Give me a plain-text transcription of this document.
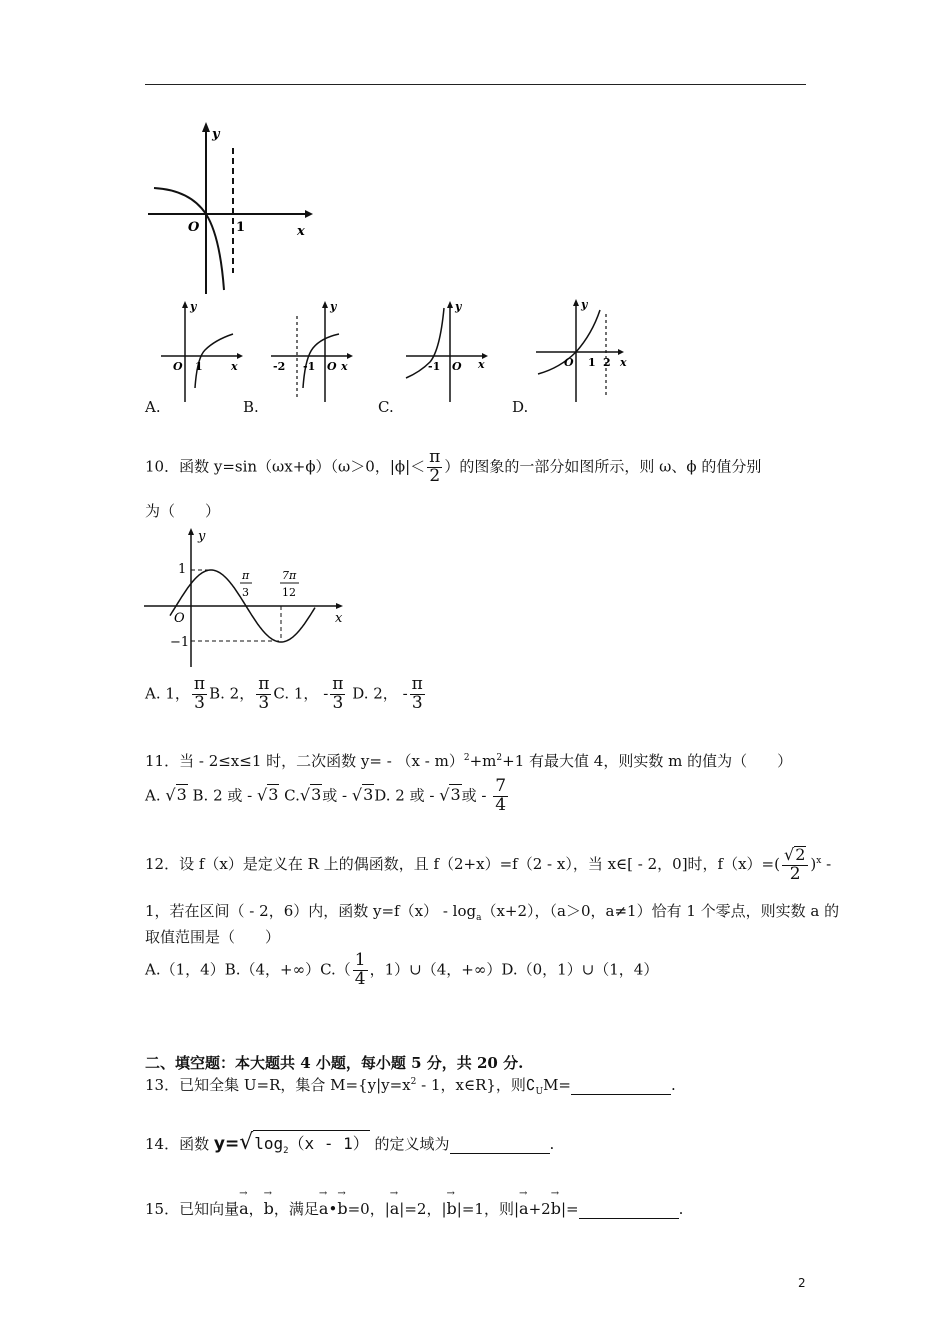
y
x
O	1
y
x
O 1
A.
y
x
-2 -1 O
B.
y
x
-1 O
C.
y
x
O 1 2
D.
10．函数 y=sin（ωx+ϕ）（ω＞0，$|\phi|< \frac{\pi}{2}$ ）的图象的一部分如图所示，则 ω、ϕ 的值分别
为（　　）
y
x
O
1
−1
π
3
7π
12
A. 1， $\frac{\pi}{3} B$. 2， $\frac{\pi}{3} C$. 1， - $\frac{\pi}{3} D$. 2， - $\frac{\pi}{3}$
11．当 - 2≤x≤1 时，二次函数 $y= - (x - m)^2+m^2+1$ 有最大值 4，则实数 m 的值为（　　）
A. √3 B. 2 或 - √3 C.√3或 - √3D. 2 或 - √3或 - $\frac{7}{4}$
12．设 f（x）是定义在 R 上的偶函数，且 f（2+x）=f（2 - x），当 x∈[ - 2，0]时，$f(x)=( \frac{√2}{2} )^x$ -
1，若在区间（ - 2，6）内，函数 $y=f(x) - \log_a(x+2)$，（a＞0，a≠1）恰有 1 个零点，则实数 a 的
取值范围是（　　）
A.（1，4）B.（4，$+\infty)C.( \frac{1}{4}$ ，1）∪（4，+∞）D.（0，1）∪（1，4）
二、填空题：本大题共 4 小题，每小题 5 分，共 20 分.
13．已知全集 U=R，集合 $M=\{y|y=x^2 - 1$，x∈R}，则$∁_UM=$	.
14．函数 $y=√\log_2(x - 1)$ 的定义域为	.
15．已知向量→ a，→ b，满足→ a•→ b=0，|→ a|=2，|→ b|=1，则|→ a+2→ b|=	.
2
